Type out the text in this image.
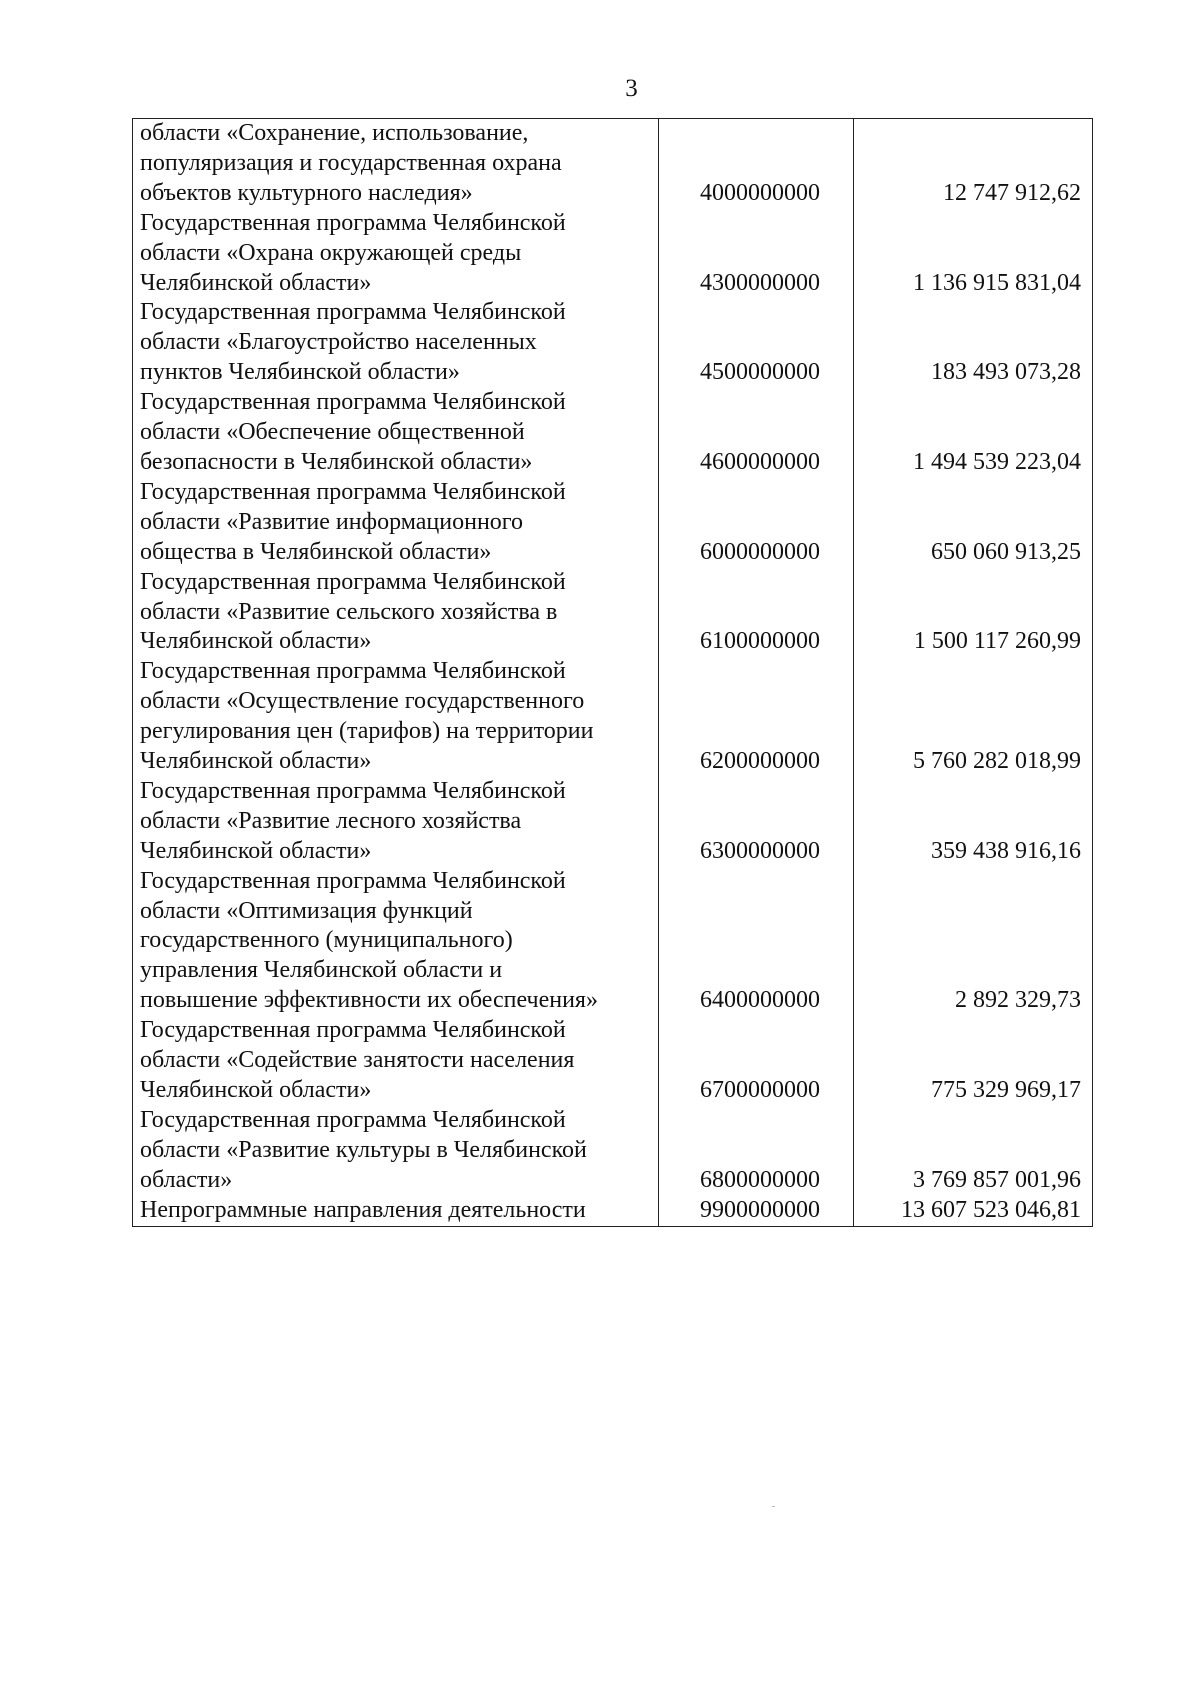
3
области «Сохранение, использование,
популяризация и государственная охрана
объектов культурного наследия»	4000000000	12 747 912,62
Государственная программа Челябинской
области «Охрана окружающей среды
Челябинской области»	4300000000	1 136 915 831,04
Государственная программа Челябинской
области «Благоустройство населенных
пунктов Челябинской области»	4500000000	183 493 073,28
Государственная программа Челябинской
области «Обеспечение общественной
безопасности в Челябинской области»	4600000000	1 494 539 223,04
Государственная программа Челябинской
области «Развитие информационного
общества в Челябинской области»	6000000000	650 060 913,25
Государственная программа Челябинской
области «Развитие сельского хозяйства в
Челябинской области»	6100000000	1 500 117 260,99
Государственная программа Челябинской
области «Осуществление государственного
регулирования цен (тарифов) на территории
Челябинской области»	6200000000	5 760 282 018,99
Государственная программа Челябинской
области «Развитие лесного хозяйства
Челябинской области»	6300000000	359 438 916,16
Государственная программа Челябинской
области «Оптимизация функций
государственного (муниципального)
управления Челябинской области и
повышение эффективности их обеспечения»	6400000000	2 892 329,73
Государственная программа Челябинской
области «Содействие занятости населения
Челябинской области»	6700000000	775 329 969,17
Государственная программа Челябинской
области «Развитие культуры в Челябинской
области»	6800000000	3 769 857 001,96
Непрограммные направления деятельности	9900000000	13 607 523 046,81
